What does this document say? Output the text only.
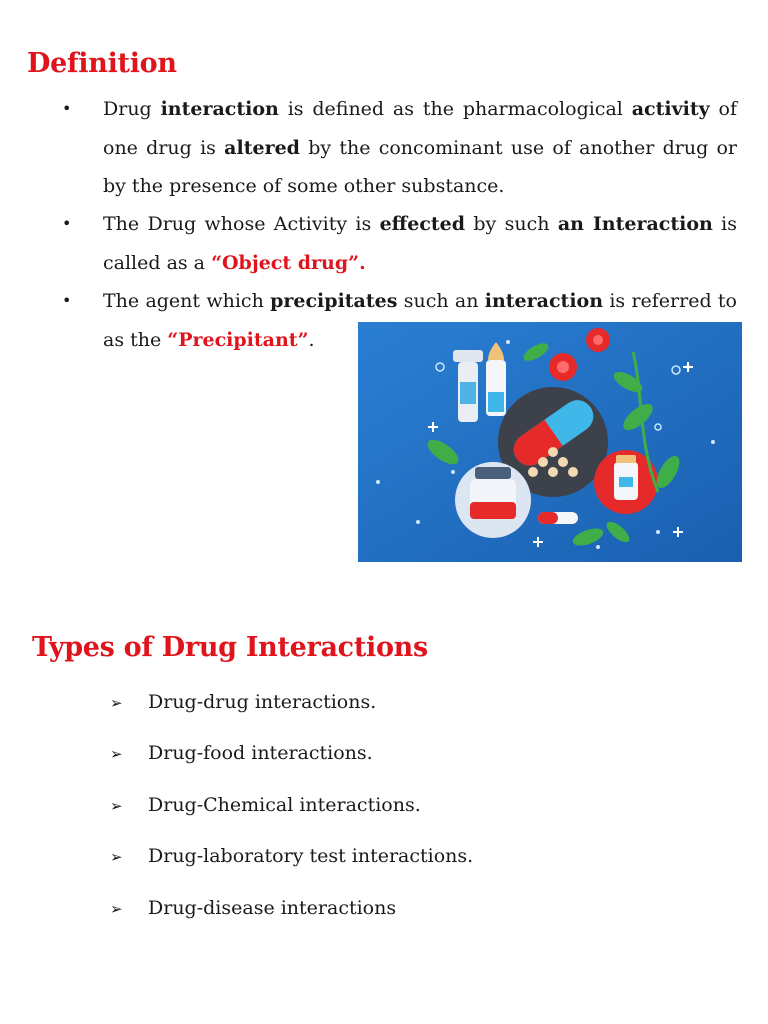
Definition
• Drug interaction is defined as the pharmacological activity of one drug is altered by the concominant use of another drug or by the presence of some other substance.

• The Drug whose Activity is effected by such an Interaction is called as a “Object drug”.

• The agent which precipitates such an interaction is referred to as the “Precipitant”.

Types of Drug Interactions
➢ Drug-drug interactions.
➢ Drug-food interactions.
➢ Drug-Chemical interactions.
➢ Drug-laboratory test interactions.
➢ Drug-disease interactions
